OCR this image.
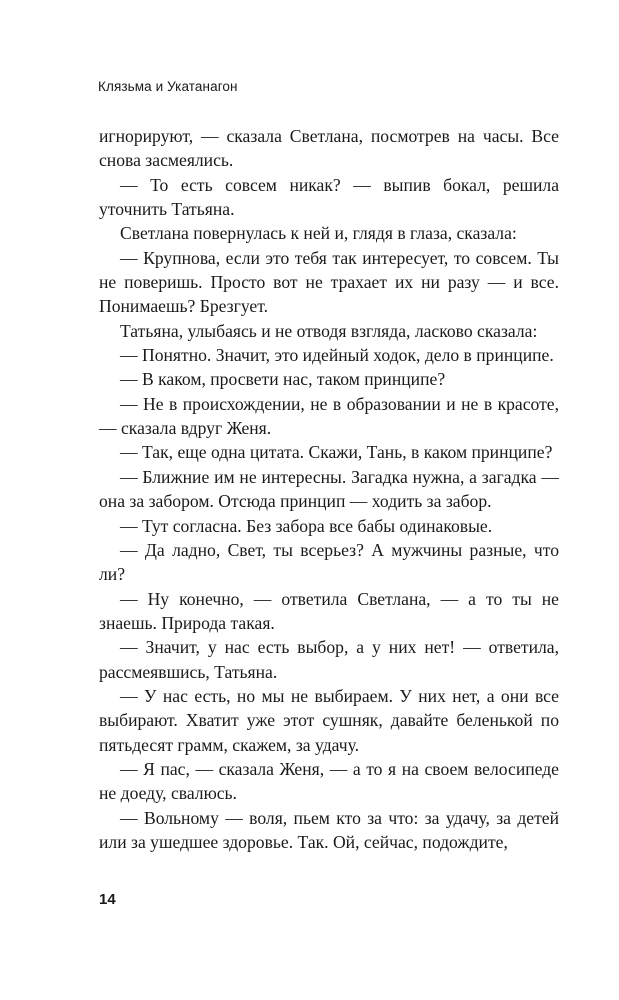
Клязьма и Укатанагон

игнорируют, — сказала Светлана, посмотрев на часы. Все снова засмеялись.

— То есть совсем никак? — выпив бокал, решила уточнить Татьяна.

Светлана повернулась к ней и, глядя в глаза, сказала:

— Крупнова, если это тебя так интересует, то совсем. Ты не поверишь. Просто вот не трахает их ни разу — и все. Понимаешь? Брезгует.

Татьяна, улыбаясь и не отводя взгляда, ласково сказала:

— Понятно. Значит, это идейный ходок, дело в принципе.

— В каком, просвети нас, таком принципе?

— Не в происхождении, не в образовании и не в красоте, — сказала вдруг Женя.

— Так, еще одна цитата. Скажи, Тань, в каком принципе?

— Ближние им не интересны. Загадка нужна, а загадка — она за забором. Отсюда принцип — ходить за забор.

— Тут согласна. Без забора все бабы одинаковые.

— Да ладно, Свет, ты всерьез? А мужчины разные, что ли?

— Ну конечно, — ответила Светлана, — а то ты не знаешь. Природа такая.

— Значит, у нас есть выбор, а у них нет! — ответила, рассмеявшись, Татьяна.

— У нас есть, но мы не выбираем. У них нет, а они все выбирают. Хватит уже этот сушняк, давайте беленькой по пятьдесят грамм, скажем, за удачу.

— Я пас, — сказала Женя, — а то я на своем велосипеде не доеду, свалюсь.

— Вольному — воля, пьем кто за что: за удачу, за детей или за ушедшее здоровье. Так. Ой, сейчас, подождите,

14
